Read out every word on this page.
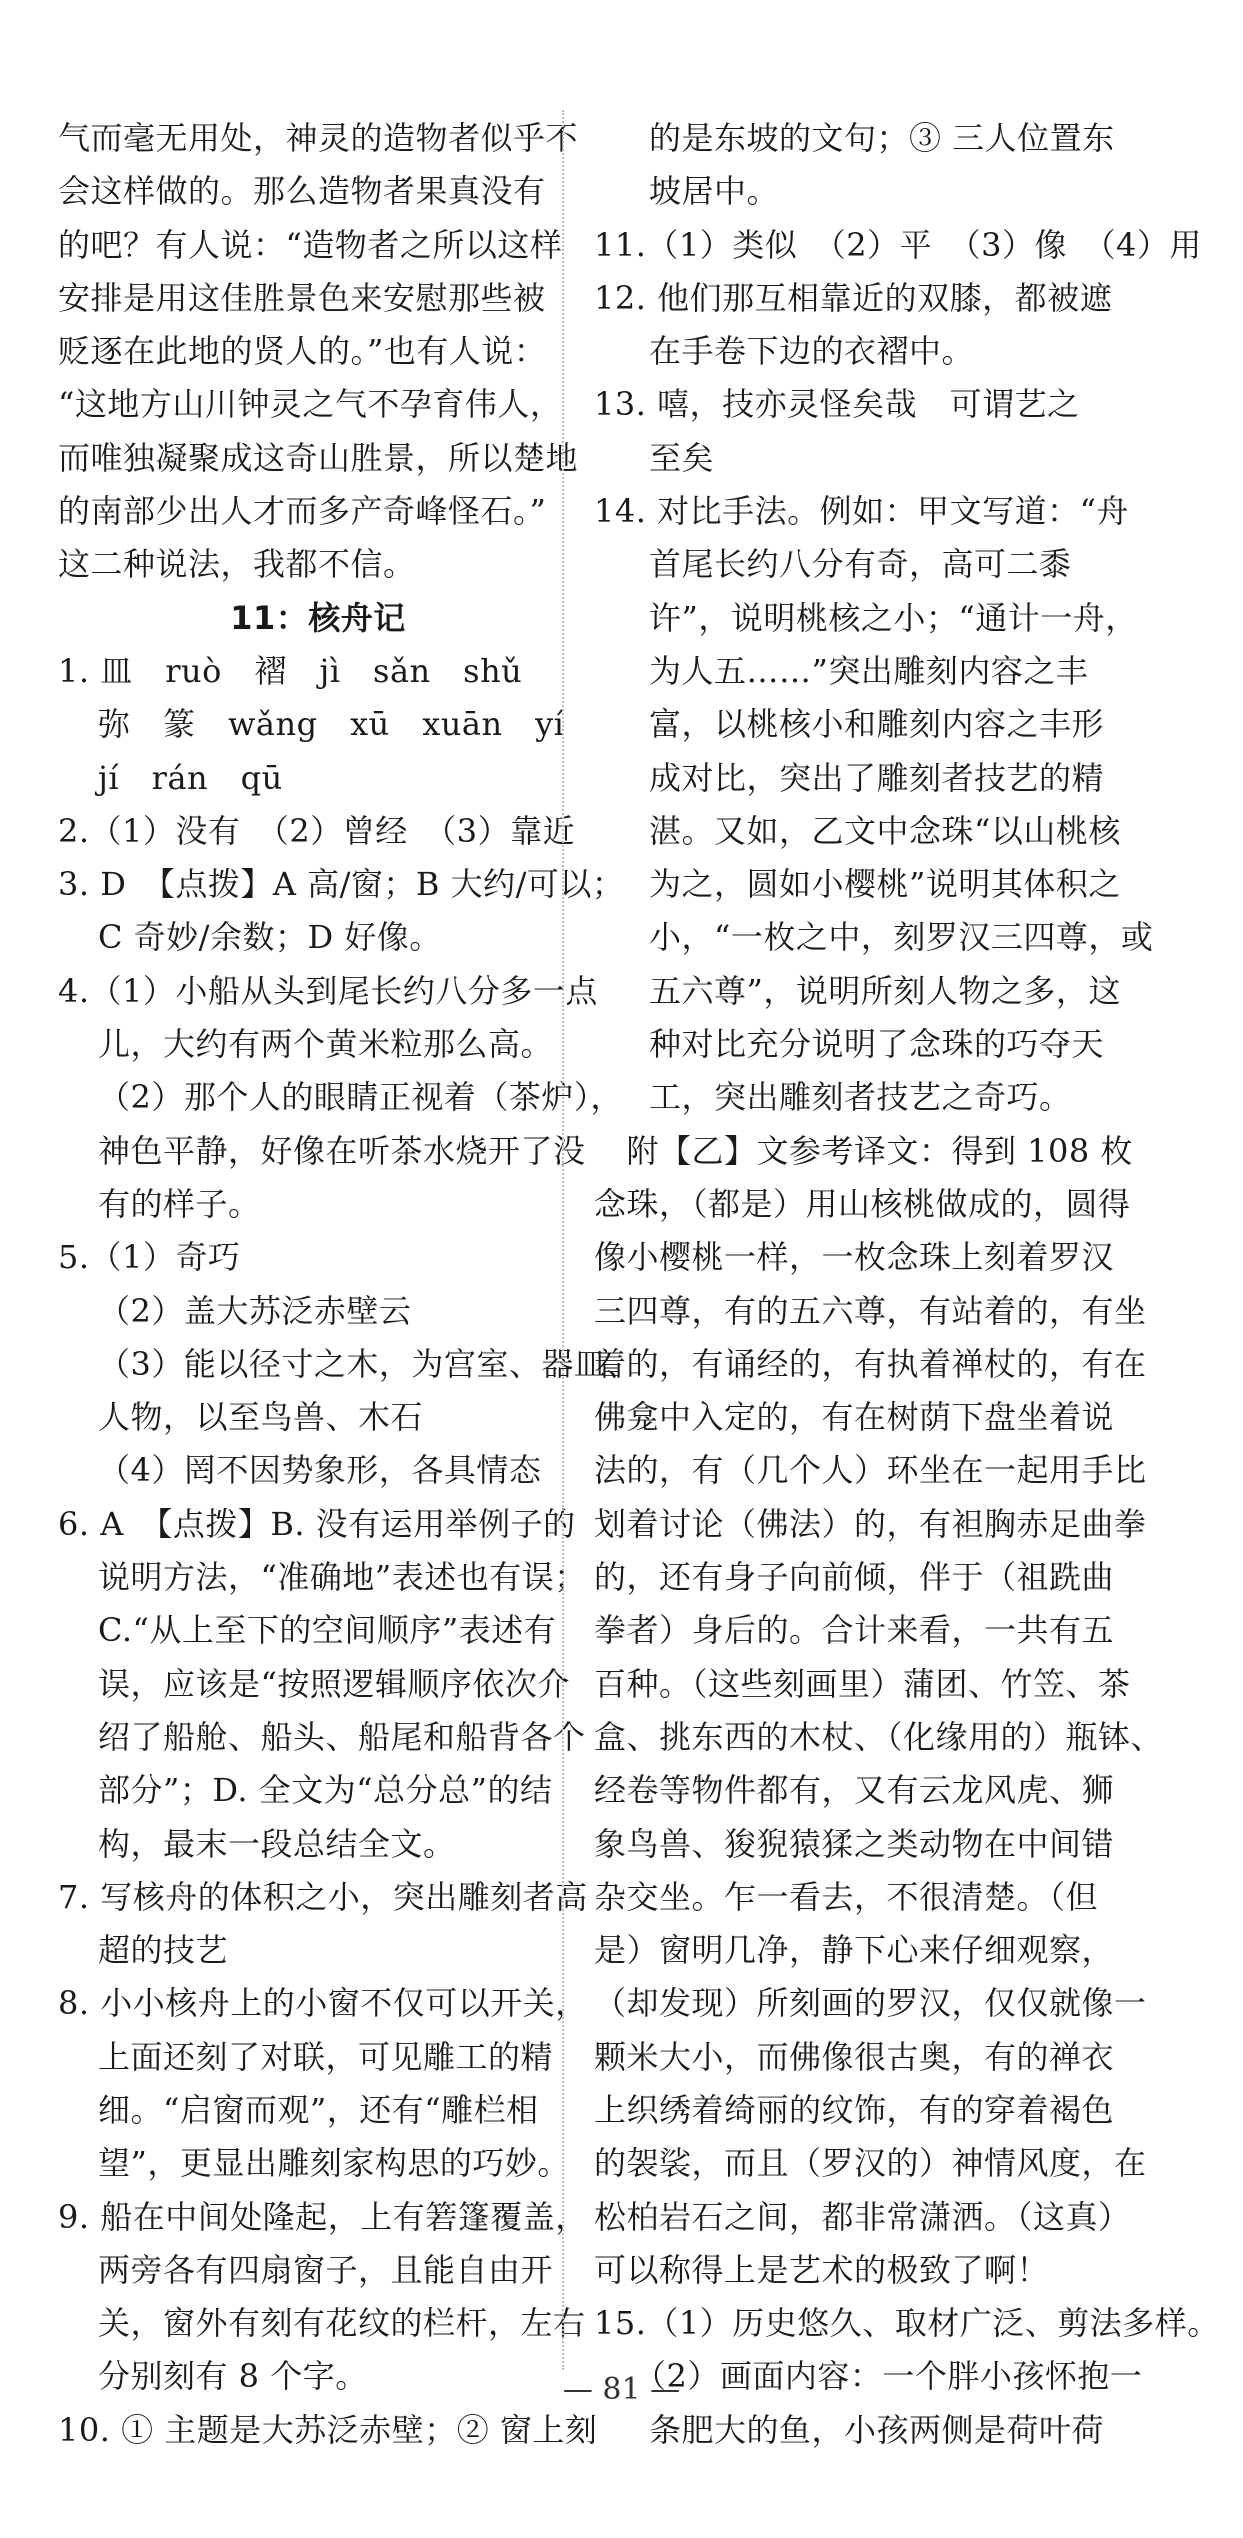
气而毫无用处，神灵的造物者似乎不
会这样做的。那么造物者果真没有
的吧？有人说：“造物者之所以这样
安排是用这佳胜景色来安慰那些被
贬逐在此地的贤人的。”也有人说：
“这地方山川钟灵之气不孕育伟人，
而唯独凝聚成这奇山胜景，所以楚地
的南部少出人才而多产奇峰怪石。”
这二种说法，我都不信。
11：核舟记
1. 皿　ruò　褶　jì　sǎn　shǔ
弥　篆　wǎng　xū　xuān　yí
jí　rán　qū
2.（1）没有　（2）曾经　（3）靠近
3. D　【点拨】A 高/窗；B 大约/可以；
C 奇妙/余数；D 好像。
4.（1）小船从头到尾长约八分多一点
儿，大约有两个黄米粒那么高。
（2）那个人的眼睛正视着（茶炉），
神色平静，好像在听茶水烧开了没
有的样子。
5.（1）奇巧
（2）盖大苏泛赤壁云
（3）能以径寸之木，为宫室、器皿、
人物，以至鸟兽、木石
（4）罔不因势象形，各具情态
6. A　【点拨】B. 没有运用举例子的
说明方法，“准确地”表述也有误；
C.“从上至下的空间顺序”表述有
误，应该是“按照逻辑顺序依次介
绍了船舱、船头、船尾和船背各个
部分”；D. 全文为“总分总”的结
构，最末一段总结全文。
7. 写核舟的体积之小，突出雕刻者高
超的技艺
8. 小小核舟上的小窗不仅可以开关，
上面还刻了对联，可见雕工的精
细。“启窗而观”，还有“雕栏相
望”，更显出雕刻家构思的巧妙。
9. 船在中间处隆起，上有箬篷覆盖，
两旁各有四扇窗子，且能自由开
关，窗外有刻有花纹的栏杆，左右
分别刻有 8 个字。
10. ① 主题是大苏泛赤壁；② 窗上刻
的是东坡的文句；③ 三人位置东
坡居中。
11.（1）类似　（2）平　（3）像　（4）用
12. 他们那互相靠近的双膝，都被遮
在手卷下边的衣褶中。
13. 嘻，技亦灵怪矣哉　可谓艺之
至矣
14. 对比手法。例如：甲文写道：“舟
首尾长约八分有奇，高可二黍
许”，说明桃核之小；“通计一舟，
为人五……”突出雕刻内容之丰
富，以桃核小和雕刻内容之丰形
成对比，突出了雕刻者技艺的精
湛。又如，乙文中念珠“以山桃核
为之，圆如小樱桃”说明其体积之
小，“一枚之中，刻罗汉三四尊，或
五六尊”，说明所刻人物之多，这
种对比充分说明了念珠的巧夺天
工，突出雕刻者技艺之奇巧。
　附【乙】文参考译文：得到 108 枚
念珠，（都是）用山核桃做成的，圆得
像小樱桃一样，一枚念珠上刻着罗汉
三四尊，有的五六尊，有站着的，有坐
着的，有诵经的，有执着禅杖的，有在
佛龛中入定的，有在树荫下盘坐着说
法的，有（几个人）环坐在一起用手比
划着讨论（佛法）的，有袒胸赤足曲拳
的，还有身子向前倾，伴于（祖跣曲
拳者）身后的。合计来看，一共有五
百种。（这些刻画里）蒲团、竹笠、茶
盒、挑东西的木杖、（化缘用的）瓶钵、
经卷等物件都有，又有云龙风虎、狮
象鸟兽、狻猊猿猱之类动物在中间错
杂交坐。乍一看去，不很清楚。（但
是）窗明几净，静下心来仔细观察，
（却发现）所刻画的罗汉，仅仅就像一
颗米大小，而佛像很古奥，有的禅衣
上织绣着绮丽的纹饰，有的穿着褐色
的袈裟，而且（罗汉的）神情风度，在
松柏岩石之间，都非常潇洒。（这真）
可以称得上是艺术的极致了啊！
15.（1）历史悠久、取材广泛、剪法多样。
（2）画面内容：一个胖小孩怀抱一
条肥大的鱼，小孩两侧是荷叶荷
— 81 —
